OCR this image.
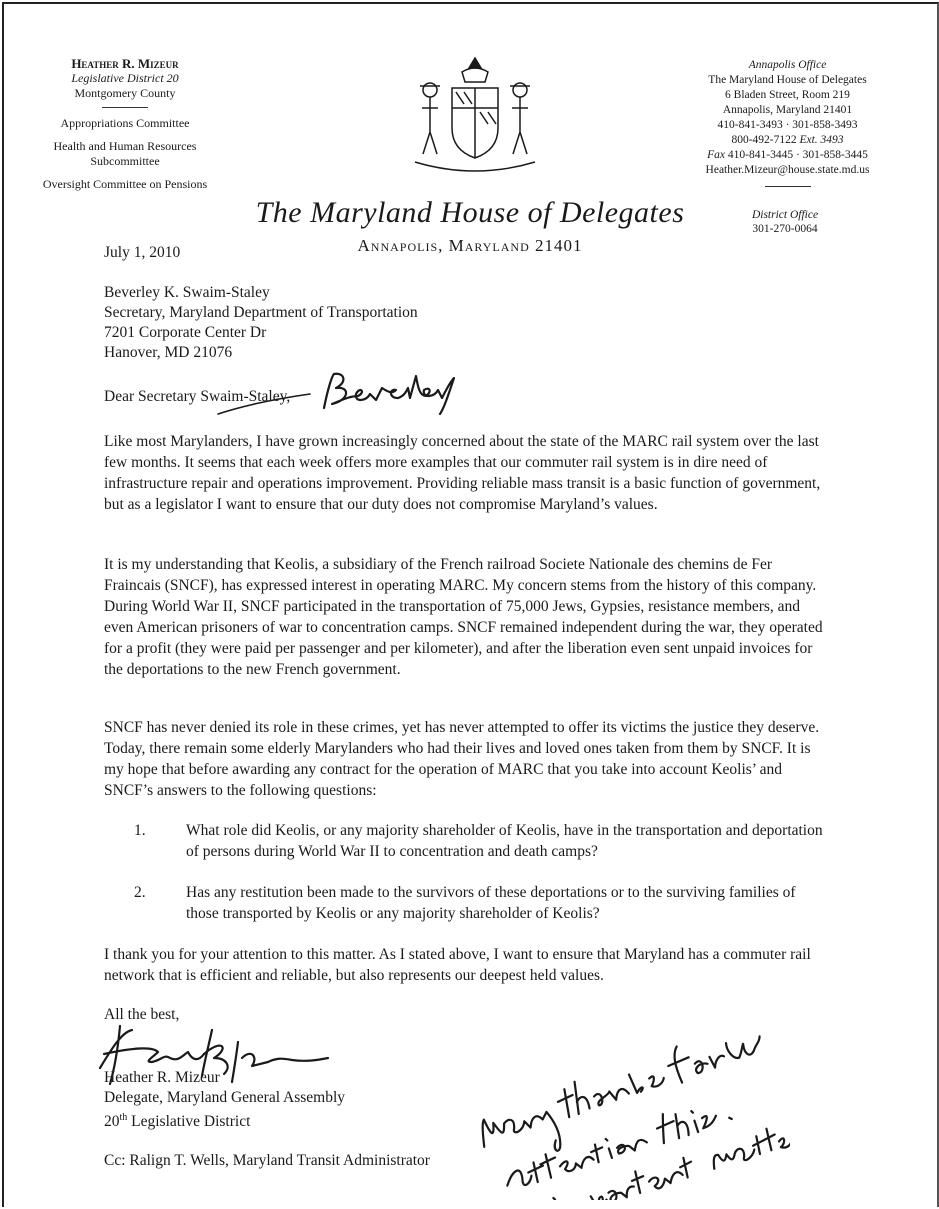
Heather R. Mizeur
Legislative District 20
Montgomery County
Appropriations Committee
Health and Human Resources
Subcommittee
Oversight Committee on Pensions
Annapolis Office
The Maryland House of Delegates
6 Bladen Street, Room 219
Annapolis, Maryland 21401
410-841-3493 · 301-858-3493
800-492-7122 Ext. 3493
Fax 410-841-3445 · 301-858-3445
Heather.Mizeur@house.state.md.us
District Office
301-270-0064
The Maryland House of Delegates
Annapolis, Maryland 21401
July 1, 2010
Beverley K. Swaim-Staley
Secretary, Maryland Department of Transportation
7201 Corporate Center Dr
Hanover, MD 21076
Dear Secretary Swaim-Staley,
Like most Marylanders, I have grown increasingly concerned about the state of the MARC rail system over the last few months. It seems that each week offers more examples that our commuter rail system is in dire need of infrastructure repair and operations improvement. Providing reliable mass transit is a basic function of government, but as a legislator I want to ensure that our duty does not compromise Maryland’s values.
It is my understanding that Keolis, a subsidiary of the French railroad Societe Nationale des chemins de Fer Fraincais (SNCF), has expressed interest in operating MARC. My concern stems from the history of this company. During World War II, SNCF participated in the transportation of 75,000 Jews, Gypsies, resistance members, and even American prisoners of war to concentration camps. SNCF remained independent during the war, they operated for a profit (they were paid per passenger and per kilometer), and after the liberation even sent unpaid invoices for the deportations to the new French government.
SNCF has never denied its role in these crimes, yet has never attempted to offer its victims the justice they deserve. Today, there remain some elderly Marylanders who had their lives and loved ones taken from them by SNCF. It is my hope that before awarding any contract for the operation of MARC that you take into account Keolis’ and SNCF’s answers to the following questions:
1.	What role did Keolis, or any majority shareholder of Keolis, have in the transportation and deportation of persons during World War II to concentration and death camps?
2.	Has any restitution been made to the survivors of these deportations or to the surviving families of those transported by Keolis or any majority shareholder of Keolis?
I thank you for your attention to this matter. As I stated above, I want to ensure that Maryland has a commuter rail network that is efficient and reliable, but also represents our deepest held values.
All the best,
Heather R. Mizeur
Delegate, Maryland General Assembly
20th Legislative District
Cc: Ralign T. Wells, Maryland Transit Administrator
